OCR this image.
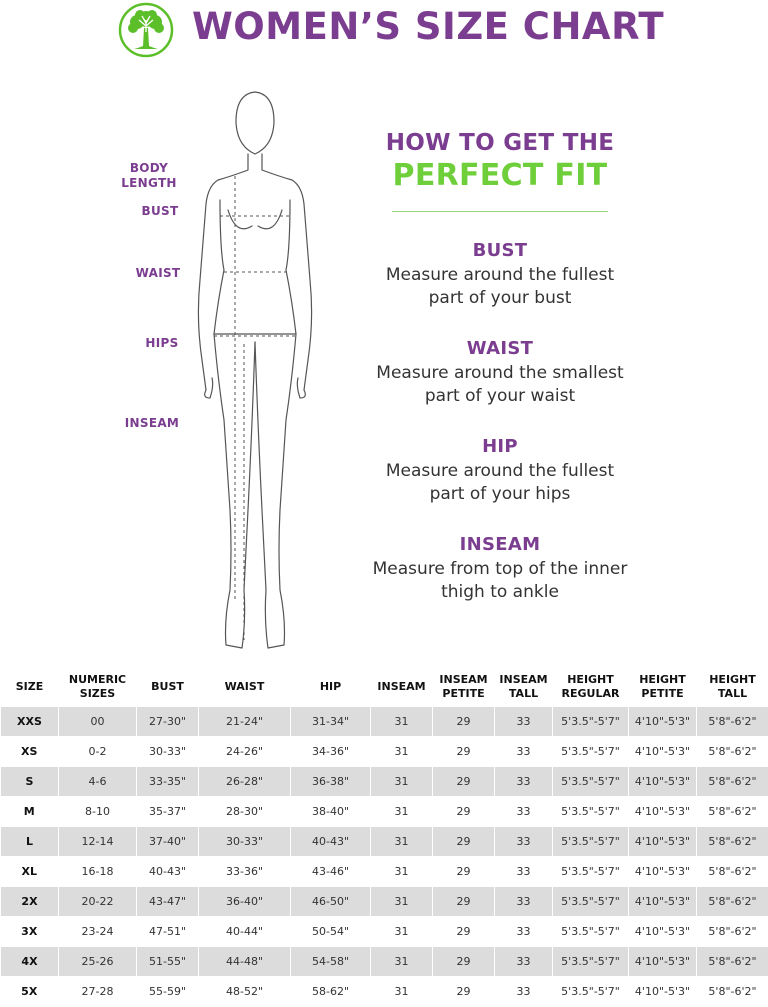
WOMEN’S SIZE CHART
BODY LENGTH
BUST
WAIST
HIPS
INSEAM
HOW TO GET THE
PERFECT FIT
BUST
Measure around the fullest part of your bust
WAIST
Measure around the smallest part of your waist
HIP
Measure around the fullest part of your hips
INSEAM
Measure from top of the inner thigh to ankle
SIZE	NUMERIC SIZES	BUST	WAIST	HIP	INSEAM	INSEAM PETITE	INSEAM TALL	HEIGHT REGULAR	HEIGHT PETITE	HEIGHT TALL
XXS	00	27-30"	21-24"	31-34"	31	29	33	5'3.5"-5'7"	4'10"-5'3"	5'8"-6'2"
XS	0-2	30-33"	24-26"	34-36"	31	29	33	5'3.5"-5'7"	4'10"-5'3"	5'8"-6'2"
S	4-6	33-35"	26-28"	36-38"	31	29	33	5'3.5"-5'7"	4'10"-5'3"	5'8"-6'2"
M	8-10	35-37"	28-30"	38-40"	31	29	33	5'3.5"-5'7"	4'10"-5'3"	5'8"-6'2"
L	12-14	37-40"	30-33"	40-43"	31	29	33	5'3.5"-5'7"	4'10"-5'3"	5'8"-6'2"
XL	16-18	40-43"	33-36"	43-46"	31	29	33	5'3.5"-5'7"	4'10"-5'3"	5'8"-6'2"
2X	20-22	43-47"	36-40"	46-50"	31	29	33	5'3.5"-5'7"	4'10"-5'3"	5'8"-6'2"
3X	23-24	47-51"	40-44"	50-54"	31	29	33	5'3.5"-5'7"	4'10"-5'3"	5'8"-6'2"
4X	25-26	51-55"	44-48"	54-58"	31	29	33	5'3.5"-5'7"	4'10"-5'3"	5'8"-6'2"
5X	27-28	55-59"	48-52"	58-62"	31	29	33	5'3.5"-5'7"	4'10"-5'3"	5'8"-6'2"
